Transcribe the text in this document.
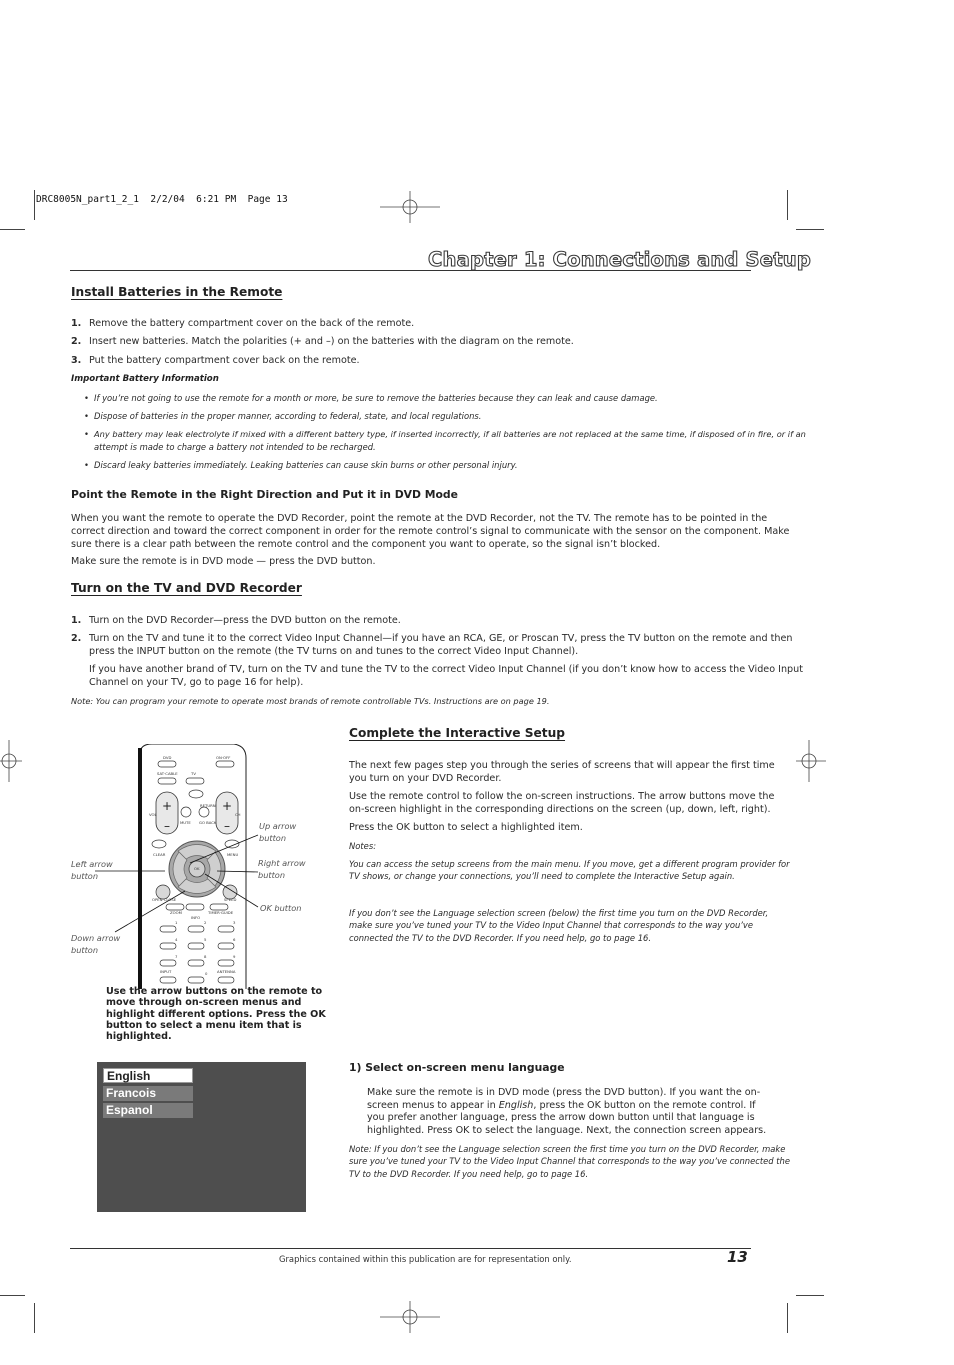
DRC8005N_part1_2_1  2/2/04  6:21 PM  Page 13
Chapter 1: Connections and Setup
Install Batteries in the Remote
1. Remove the battery compartment cover on the back of the remote.
2. Insert new batteries. Match the polarities (+ and –) on the batteries with the diagram on the remote.
3. Put the battery compartment cover back on the remote.
Important Battery Information
• If you’re not going to use the remote for a month or more, be sure to remove the batteries because they can leak and cause damage.
• Dispose of batteries in the proper manner, according to federal, state, and local regulations.
• Any battery may leak electrolyte if mixed with a different battery type, if inserted incorrectly, if all batteries are not replaced at the same time, if disposed of in fire, or if an
attempt is made to charge a battery not intended to be recharged.
• Discard leaky batteries immediately. Leaking batteries can cause skin burns or other personal injury.
Point the Remote in the Right Direction and Put it in DVD Mode
When you want the remote to operate the DVD Recorder, point the remote at the DVD Recorder, not the TV. The remote has to be pointed in the
correct direction and toward the correct component in order for the remote control’s signal to communicate with the sensor on the component. Make
sure there is a clear path between the remote control and the component you want to operate, so the signal isn’t blocked.
Make sure the remote is in DVD mode — press the DVD button.
Turn on the TV and DVD Recorder
1. Turn on the DVD Recorder—press the DVD button on the remote.
2. Turn on the TV and tune it to the correct Video Input Channel—if you have an RCA, GE, or Proscan TV, press the TV button on the remote and then
press the INPUT button on the remote (the TV turns on and tunes to the correct Video Input Channel).
If you have another brand of TV, turn on the TV and tune the TV to the correct Video Input Channel (if you don’t know how to access the Video Input
Channel on your TV, go to page 16 for help).
Note: You can program your remote to operate most brands of remote controllable TVs. Instructions are on page 19.
+
–
+
–
DVD	ON·OFF
SAT·CABLE	TV
RETURN
VOL	CH
MUTE GO BACK
CLEAR	MENU
OK
OPEN·CLOSE	SPEED
ZOOM	TIMER·GUIDE
INFO
INPUT	ANTENNA
1	2	3
4	5	6
7	8	9
0
Up arrow
button
Left arrow
button
Right arrow
button
OK button
Down arrow
button
Use the arrow buttons on the remote to
move through on-screen menus and
highlight different options. Press the OK
button to select a menu item that is
highlighted.
English
Francois
Espanol
Complete the Interactive Setup
The next few pages step you through the series of screens that will appear the first time
you turn on your DVD Recorder.
Use the remote control to follow the on-screen instructions. The arrow buttons move the
on-screen highlight in the corresponding directions on the screen (up, down, left, right).
Press the OK button to select a highlighted item.
Notes:
You can access the setup screens from the main menu. If you move, get a different program provider for
TV shows, or change your connections, you’ll need to complete the Interactive Setup again.
If you don’t see the Language selection screen (below) the first time you turn on the DVD Recorder,
make sure you’ve tuned your TV to the Video Input Channel that corresponds to the way you’ve
connected the TV to the DVD Recorder. If you need help, go to page 16.
1) Select on-screen menu language
Make sure the remote is in DVD mode (press the DVD button). If you want the on-
screen menus to appear in English, press the OK button on the remote control. If
you prefer another language, press the arrow down button until that language is
highlighted. Press OK to select the language. Next, the connection screen appears.
Note: If you don’t see the Language selection screen the first time you turn on the DVD Recorder, make
sure you’ve tuned your TV to the Video Input Channel that corresponds to the way you’ve connected the
TV to the DVD Recorder. If you need help, go to page 16.
Graphics contained within this publication are for representation only.	13
